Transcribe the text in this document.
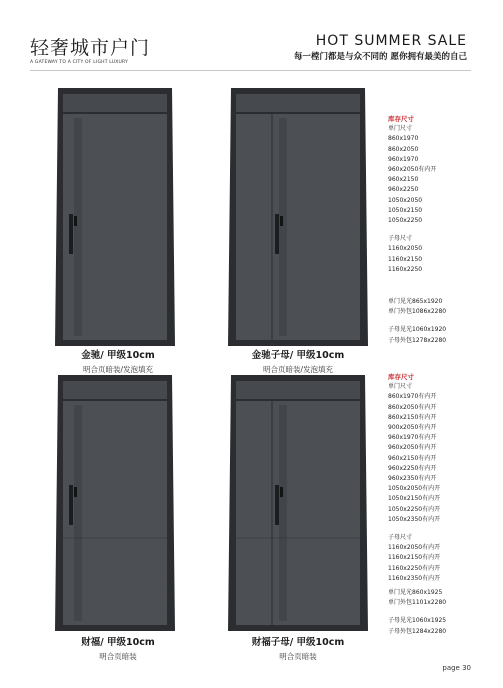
轻奢城市户门
A GATEWAY TO A CITY OF LIGHT LUXURY
HOT SUMMER SALE
每一樘门都是与众不同的 愿你拥有最美的自己
金驰/ 甲级10cm
明合页暗装/发泡填充
金驰子母/ 甲级10cm
明合页暗装/发泡填充
库存尺寸
单门尺寸
860x1970
860x2050
960x1970
960x2050有内开
960x2150
960x2250
1050x2050
1050x2150
1050x2250
子母尺寸
1160x2050
1160x2150
1160x2250
单门见光865x1920
单门外包1086x2280
子母见光1060x1920
子母外包1278x2280
财福/ 甲级10cm
明合页暗装
财福子母/ 甲级10cm
明合页暗装
库存尺寸
单门尺寸
860x1970有内开
860x2050有内开
860x2150有内开
900x2050有内开
960x1970有内开
960x2050有内开
960x2150有内开
960x2250有内开
960x2350有内开
1050x2050有内开
1050x2150有内开
1050x2250有内开
1050x2350有内开
子母尺寸
1160x2050有内开
1160x2150有内开
1160x2250有内开
1160x2350有内开
单门见光860x1925
单门外包1101x2280
子母见光1060x1925
子母外包1284x2280
page 30
